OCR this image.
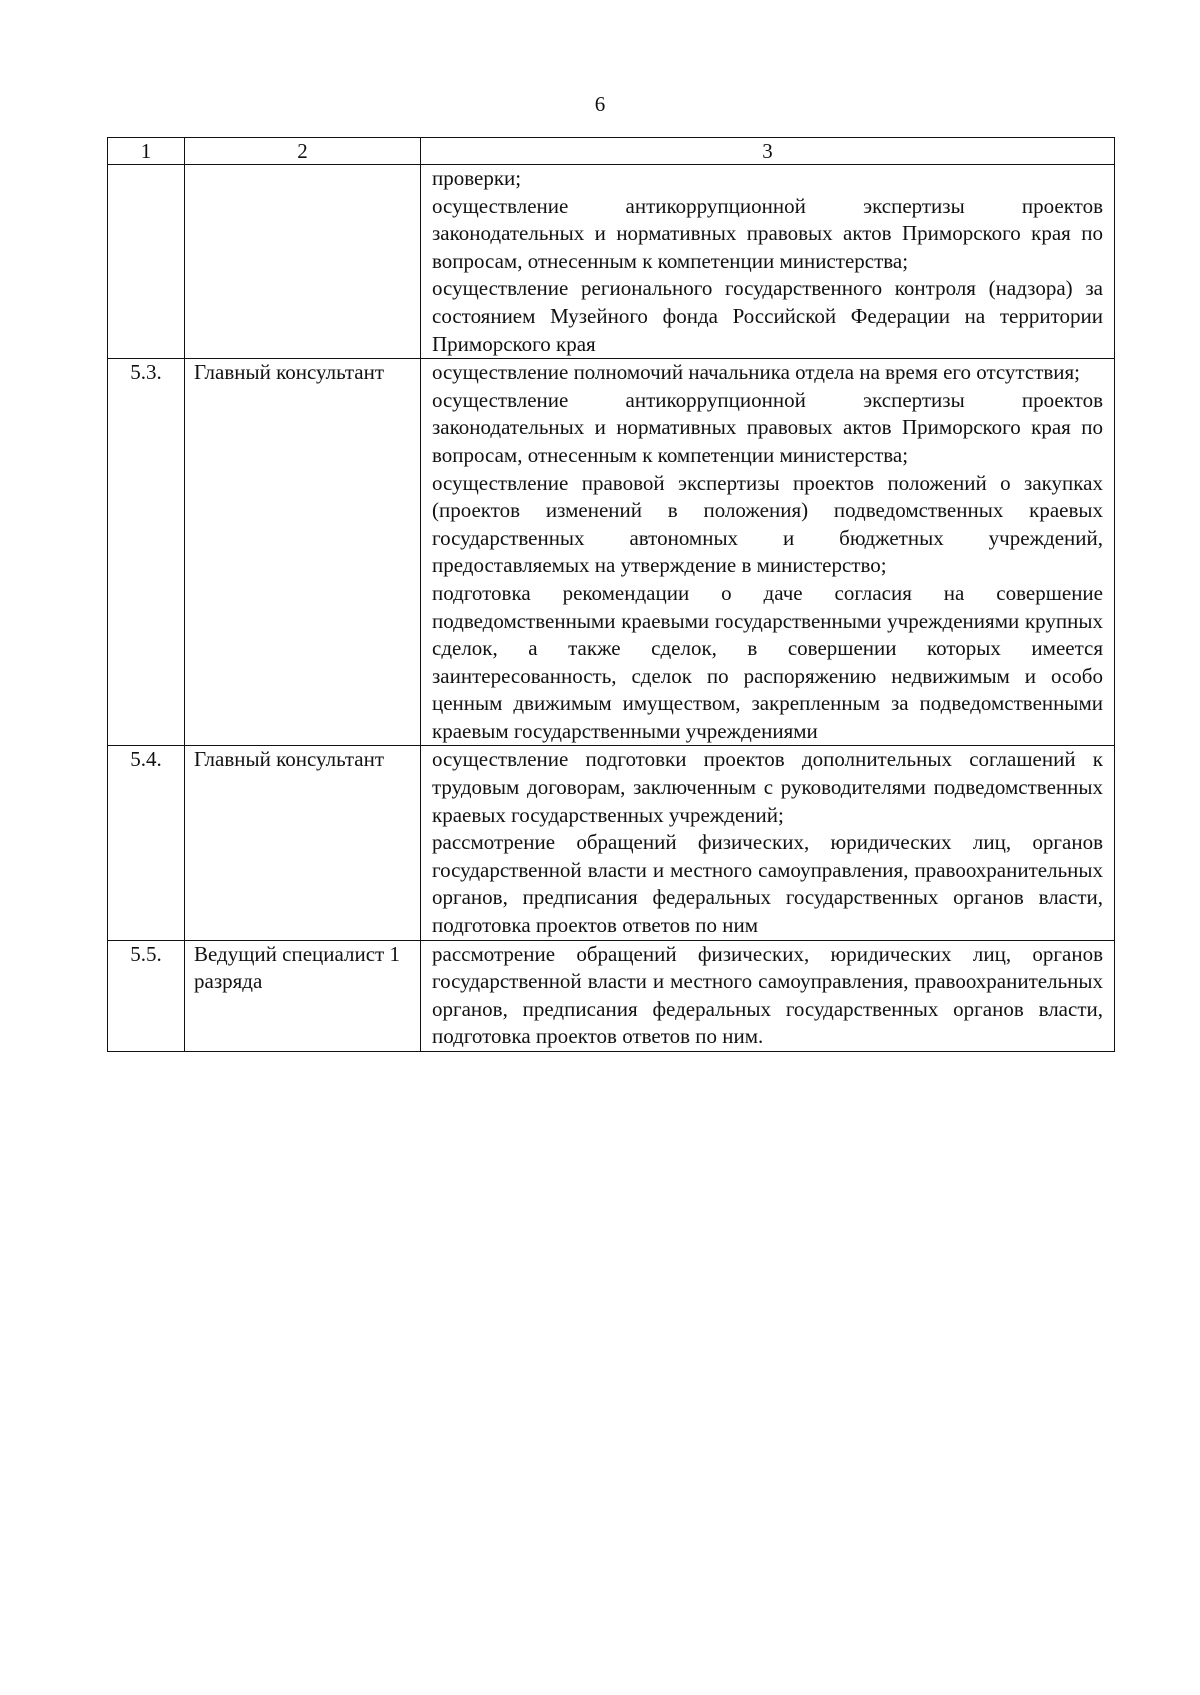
6
1	2	3

		проверки;
осуществление антикоррупционной экспертизы проектов законодательных и нормативных правовых актов Приморского края по вопросам, отнесенным к компетенции министерства;
осуществление регионального государственного контроля (надзора) за состоянием Музейного фонда Российской Федерации на территории Приморского края

5.3.	Главный консультант	осуществление полномочий начальника отдела на время его отсутствия;
осуществление антикоррупционной экспертизы проектов законодательных и нормативных правовых актов Приморского края по вопросам, отнесенным к компетенции министерства;
осуществление правовой экспертизы проектов положений о закупках (проектов изменений в положения) подведомственных краевых государственных автономных и бюджетных учреждений, предоставляемых на утверждение в министерство;
подготовка рекомендации о даче согласия на совершение подведомственными краевыми государственными учреждениями крупных сделок, а также сделок, в совершении которых имеется заинтересованность, сделок по распоряжению недвижимым и особо ценным движимым имуществом, закрепленным за подведомственными краевым государственными учреждениями

5.4.	Главный консультант	осуществление подготовки проектов дополнительных соглашений к трудовым договорам, заключенным с руководителями подведомственных краевых государственных учреждений;
рассмотрение обращений физических, юридических лиц, органов государственной власти и местного самоуправления, правоохранительных органов, предписания федеральных государственных органов власти, подготовка проектов ответов по ним

5.5.	Ведущий специалист 1 разряда	рассмотрение обращений физических, юридических лиц, органов государственной власти и местного самоуправления, правоохранительных органов, предписания федеральных государственных органов власти, подготовка проектов ответов по ним.
